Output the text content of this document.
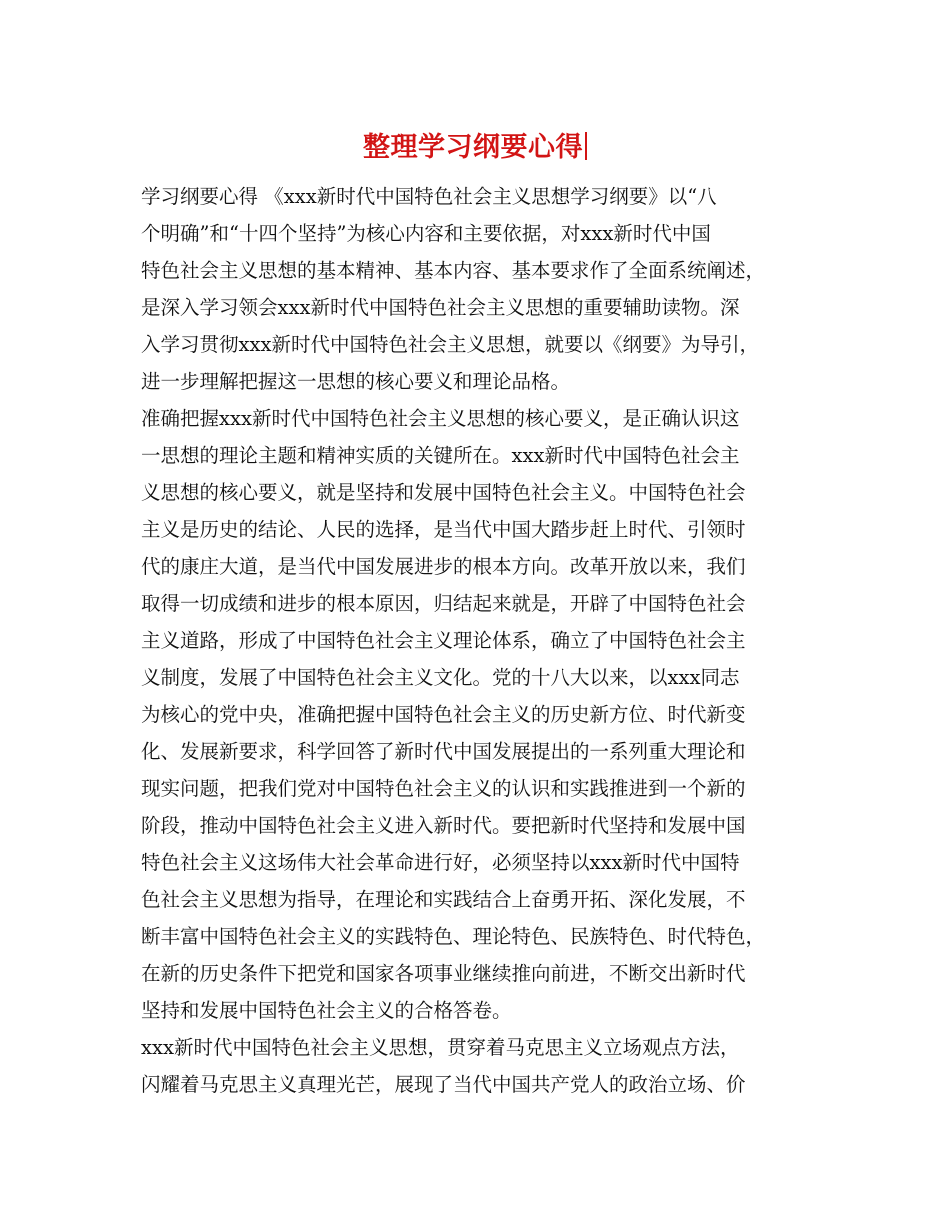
整理学习纲要心得
学习纲要心得 《xxx新时代中国特色社会主义思想学习纲要》以“八
个明确”和“十四个坚持”为核心内容和主要依据，对xxx新时代中国
特色社会主义思想的基本精神、基本内容、基本要求作了全面系统阐述，
是深入学习领会xxx新时代中国特色社会主义思想的重要辅助读物。深
入学习贯彻xxx新时代中国特色社会主义思想，就要以《纲要》为导引，
进一步理解把握这一思想的核心要义和理论品格。
准确把握xxx新时代中国特色社会主义思想的核心要义，是正确认识这
一思想的理论主题和精神实质的关键所在。xxx新时代中国特色社会主
义思想的核心要义，就是坚持和发展中国特色社会主义。中国特色社会
主义是历史的结论、人民的选择，是当代中国大踏步赶上时代、引领时
代的康庄大道，是当代中国发展进步的根本方向。改革开放以来，我们
取得一切成绩和进步的根本原因，归结起来就是，开辟了中国特色社会
主义道路，形成了中国特色社会主义理论体系，确立了中国特色社会主
义制度，发展了中国特色社会主义文化。党的十八大以来，以xxx同志
为核心的党中央，准确把握中国特色社会主义的历史新方位、时代新变
化、发展新要求，科学回答了新时代中国发展提出的一系列重大理论和
现实问题，把我们党对中国特色社会主义的认识和实践推进到一个新的
阶段，推动中国特色社会主义进入新时代。要把新时代坚持和发展中国
特色社会主义这场伟大社会革命进行好，必须坚持以xxx新时代中国特
色社会主义思想为指导，在理论和实践结合上奋勇开拓、深化发展，不
断丰富中国特色社会主义的实践特色、理论特色、民族特色、时代特色，
在新的历史条件下把党和国家各项事业继续推向前进，不断交出新时代
坚持和发展中国特色社会主义的合格答卷。
xxx新时代中国特色社会主义思想，贯穿着马克思主义立场观点方法，
闪耀着马克思主义真理光芒，展现了当代中国共产党人的政治立场、价
